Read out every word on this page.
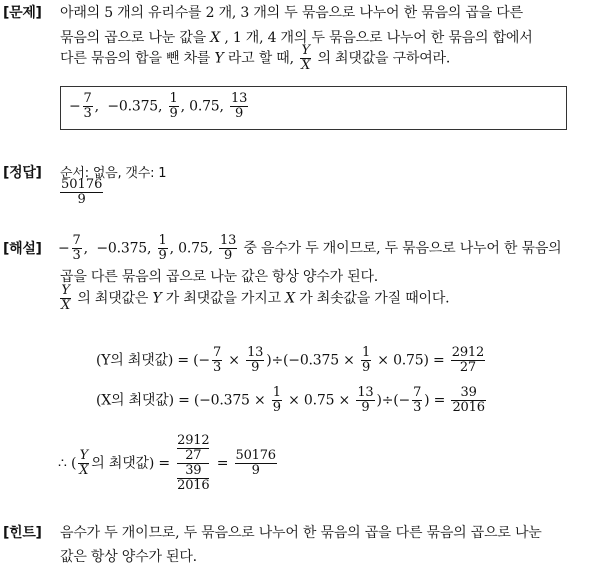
[문제] 아래의 5 개의 유리수를 2 개, 3 개의 두 묶음으로 나누어 한 묶음의 곱을 다른
묶음의 곱으로 나눈 값을 X , 1 개, 4 개의 두 묶음으로 나누어 한 묶음의 합에서
다른 묶음의 합을 뺀 차를 Y 라고 할 때, $\frac{Y}{X}$ 의 최댓값을 구하여라.
− $\frac{7}{3}$ ,  −0.375, $\frac{1}{9}$ , 0.75, $\frac{13}{9}$
[정답] 순서: 없음, 갯수: 1
$\frac{50176}{9}$
[해설] − $\frac{7}{3}$ ,  −0.375, $\frac{1}{9}$ , 0.75, $\frac{13}{9}$ 중 음수가 두 개이므로, 두 묶음으로 나누어 한 묶음의
곱을 다른 묶음의 곱으로 나눈 값은 항상 양수가 된다.
$\frac{Y}{X}$ 의 최댓값은 Y 가 최댓값을 가지고 X 가 최솟값을 가질 때이다.
(Y의 최댓값) = (− $\frac{7}{3} \times \frac{13}{9} )\div(-0.375 \times \frac{1}{9} \times 0.75) = \frac{2912}{27}$
(X의 최댓값) = ($-0.375 \times \frac{1}{9} \times 0.75 \times \frac{13}{9}$ )÷(− $\frac{7}{3}$ ) = $\frac{39}{2016}$
∴ ( $\frac{Y}{X}$ 의 최댓값) =
2912
27
39
2016
= $\frac{50176}{9}$
[힌트] 음수가 두 개이므로, 두 묶음으로 나누어 한 묶음의 곱을 다른 묶음의 곱으로 나눈
값은 항상 양수가 된다.
